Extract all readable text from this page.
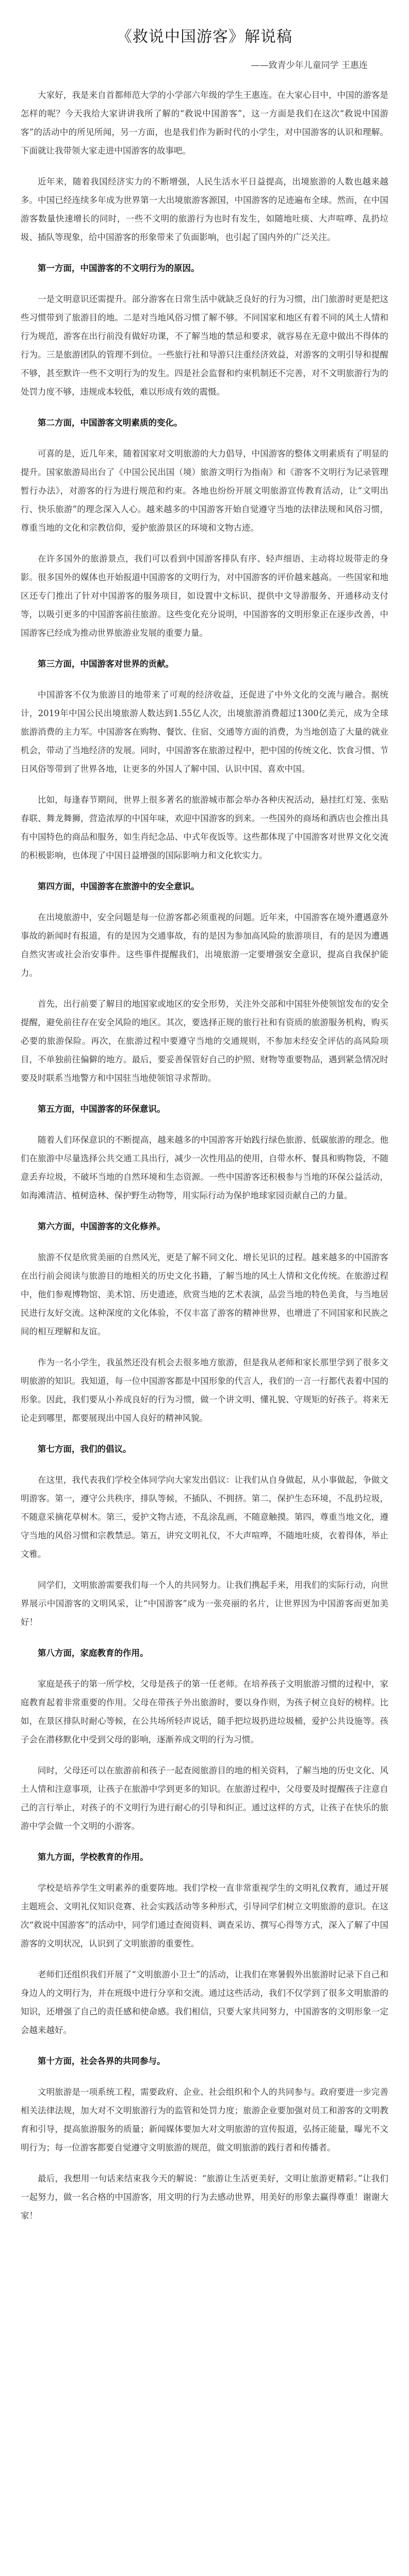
《救说中国游客》解说稿
——致青少年儿童同学 王惠连

大家好，我是来自首都师范大学的小学部六年级的学生王惠连。在大家心目中，中国的游客是怎样的呢？今天我给大家讲讲我所了解的“救说中国游客”，这一方面是我们在这次“救说中国游客”的活动中的所见所闻，另一方面，也是我们作为新时代的小学生，对中国游客的认识和理解。下面就让我带领大家走进中国游客的故事吧。

近年来，随着我国经济实力的不断增强，人民生活水平日益提高，出境旅游的人数也越来越多。中国已经连续多年成为世界第一大出境旅游客源国，中国游客的足迹遍布全球。然而，在中国游客数量快速增长的同时，一些不文明的旅游行为也时有发生，如随地吐痰、大声喧哗、乱扔垃圾、插队等现象，给中国游客的形象带来了负面影响，也引起了国内外的广泛关注。

第一方面，中国游客的不文明行为的原因。

一是文明意识还需提升。部分游客在日常生活中就缺乏良好的行为习惯，出门旅游时更是把这些习惯带到了旅游目的地。二是对当地风俗习惯了解不够。不同国家和地区有着不同的风土人情和行为规范，游客在出行前没有做好功课，不了解当地的禁忌和要求，就容易在无意中做出不得体的行为。三是旅游团队的管理不到位。一些旅行社和导游只注重经济效益，对游客的文明引导和提醒不够，甚至默许一些不文明行为的发生。四是社会监督和约束机制还不完善，对不文明旅游行为的处罚力度不够，违规成本较低，难以形成有效的震慑。

第二方面，中国游客文明素质的变化。

可喜的是，近几年来，随着国家对文明旅游的大力倡导，中国游客的整体文明素质有了明显的提升。国家旅游局出台了《中国公民出国（境）旅游文明行为指南》和《游客不文明行为记录管理暂行办法》，对游客的行为进行规范和约束。各地也纷纷开展文明旅游宣传教育活动，让“文明出行、快乐旅游”的理念深入人心。越来越多的中国游客开始自觉遵守当地的法律法规和风俗习惯，尊重当地的文化和宗教信仰，爱护旅游景区的环境和文物古迹。

在许多国外的旅游景点，我们可以看到中国游客排队有序、轻声细语、主动将垃圾带走的身影。很多国外的媒体也开始报道中国游客的文明行为，对中国游客的评价越来越高。一些国家和地区还专门推出了针对中国游客的服务项目，如设置中文标识、提供中文导游服务、开通移动支付等，以吸引更多的中国游客前往旅游。这些变化充分说明，中国游客的文明形象正在逐步改善，中国游客已经成为推动世界旅游业发展的重要力量。

第三方面，中国游客对世界的贡献。

中国游客不仅为旅游目的地带来了可观的经济收益，还促进了中外文化的交流与融合。据统计，2019年中国公民出境旅游人数达到1.55亿人次，出境旅游消费超过1300亿美元，成为全球旅游消费的主力军。中国游客在购物、餐饮、住宿、交通等方面的消费，为当地创造了大量的就业机会，带动了当地经济的发展。同时，中国游客在旅游过程中，把中国的传统文化、饮食习惯、节日风俗等带到了世界各地，让更多的外国人了解中国、认识中国、喜欢中国。

比如，每逢春节期间，世界上很多著名的旅游城市都会举办各种庆祝活动，悬挂红灯笼、张贴春联、舞龙舞狮，营造浓厚的中国年味，欢迎中国游客的到来。一些国外的商场和酒店也会推出具有中国特色的商品和服务，如生肖纪念品、中式年夜饭等。这些都体现了中国游客对世界文化交流的积极影响，也体现了中国日益增强的国际影响力和文化软实力。

第四方面，中国游客在旅游中的安全意识。

在出境旅游中，安全问题是每一位游客都必须重视的问题。近年来，中国游客在境外遭遇意外事故的新闻时有报道，有的是因为交通事故，有的是因为参加高风险的旅游项目，有的是因为遭遇自然灾害或社会治安事件。这些事件提醒我们，出境旅游一定要增强安全意识，提高自我保护能力。

首先，出行前要了解目的地国家或地区的安全形势，关注外交部和中国驻外使领馆发布的安全提醒，避免前往存在安全风险的地区。其次，要选择正规的旅行社和有资质的旅游服务机构，购买必要的旅游保险。再次，在旅游过程中要遵守当地的交通规则，不参加未经安全评估的高风险项目，不单独前往偏僻的地方。最后，要妥善保管好自己的护照、财物等重要物品，遇到紧急情况时要及时联系当地警方和中国驻当地使领馆寻求帮助。

第五方面，中国游客的环保意识。

随着人们环保意识的不断提高，越来越多的中国游客开始践行绿色旅游、低碳旅游的理念。他们在旅游中尽量选择公共交通工具出行，减少一次性用品的使用，自带水杯、餐具和购物袋，不随意丢弃垃圾，不破坏当地的自然环境和生态资源。一些中国游客还积极参与当地的环保公益活动，如海滩清洁、植树造林、保护野生动物等，用实际行动为保护地球家园贡献自己的力量。

第六方面，中国游客的文化修养。

旅游不仅是欣赏美丽的自然风光，更是了解不同文化、增长见识的过程。越来越多的中国游客在出行前会阅读与旅游目的地相关的历史文化书籍，了解当地的风土人情和文化传统。在旅游过程中，他们参观博物馆、美术馆、历史遗迹，欣赏当地的艺术表演，品尝当地的特色美食，与当地居民进行友好交流。这种深度的文化体验，不仅丰富了游客的精神世界，也增进了不同国家和民族之间的相互理解和友谊。

作为一名小学生，我虽然还没有机会去很多地方旅游，但是我从老师和家长那里学到了很多文明旅游的知识。我知道，每一位中国游客都是中国形象的代言人，我们的一言一行都代表着中国的形象。因此，我们要从小养成良好的行为习惯，做一个讲文明、懂礼貌、守规矩的好孩子。将来无论走到哪里，都要展现出中国人良好的精神风貌。

第七方面，我们的倡议。

在这里，我代表我们学校全体同学向大家发出倡议：让我们从自身做起，从小事做起，争做文明游客。第一，遵守公共秩序，排队等候，不插队、不拥挤。第二，保护生态环境，不乱扔垃圾，不随意采摘花草树木。第三，爱护文物古迹，不乱涂乱画，不随意触摸。第四，尊重当地文化，遵守当地的风俗习惯和宗教禁忌。第五，讲究文明礼仪，不大声喧哗，不随地吐痰，衣着得体，举止文雅。

同学们，文明旅游需要我们每一个人的共同努力。让我们携起手来，用我们的实际行动，向世界展示中国游客的文明风采，让“中国游客”成为一张亮丽的名片，让世界因为中国游客而更加美好！

第八方面，家庭教育的作用。

家庭是孩子的第一所学校，父母是孩子的第一任老师。在培养孩子文明旅游习惯的过程中，家庭教育起着非常重要的作用。父母在带孩子外出旅游时，要以身作则，为孩子树立良好的榜样。比如，在景区排队时耐心等候，在公共场所轻声说话，随手把垃圾扔进垃圾桶，爱护公共设施等。孩子会在潜移默化中受到父母的影响，逐渐养成文明的行为习惯。

同时，父母还可以在旅游前和孩子一起查阅旅游目的地的相关资料，了解当地的历史文化、风土人情和注意事项，让孩子在旅游中学到更多的知识。在旅游过程中，父母要及时提醒孩子注意自己的言行举止，对孩子的不文明行为进行耐心的引导和纠正。通过这样的方式，让孩子在快乐的旅游中学会做一个文明的小游客。

第九方面，学校教育的作用。

学校是培养学生文明素养的重要阵地。我们学校一直非常重视学生的文明礼仪教育，通过开展主题班会、文明礼仪知识竞赛、社会实践活动等多种形式，引导同学们树立文明旅游的意识。在这次“救说中国游客”的活动中，同学们通过查阅资料、调查采访、撰写心得等方式，深入了解了中国游客的文明状况，认识到了文明旅游的重要性。

老师们还组织我们开展了“文明旅游小卫士”的活动，让我们在寒暑假外出旅游时记录下自己和身边人的文明行为，并在班级中进行分享和交流。通过这些活动，我们不仅学到了很多文明旅游的知识，还增强了自己的责任感和使命感。我们相信，只要大家共同努力，中国游客的文明形象一定会越来越好。

第十方面，社会各界的共同参与。

文明旅游是一项系统工程，需要政府、企业、社会组织和个人的共同参与。政府要进一步完善相关法律法规，加大对不文明旅游行为的监管和处罚力度；旅游企业要加强对员工和游客的文明教育和引导，提高旅游服务的质量；新闻媒体要加大对文明旅游的宣传报道，弘扬正能量，曝光不文明行为；每一位游客都要自觉遵守文明旅游的规范，做文明旅游的践行者和传播者。

最后，我想用一句话来结束我今天的解说：“旅游让生活更美好，文明让旅游更精彩。”让我们一起努力，做一名合格的中国游客，用文明的行为去感动世界，用美好的形象去赢得尊重！谢谢大家！
